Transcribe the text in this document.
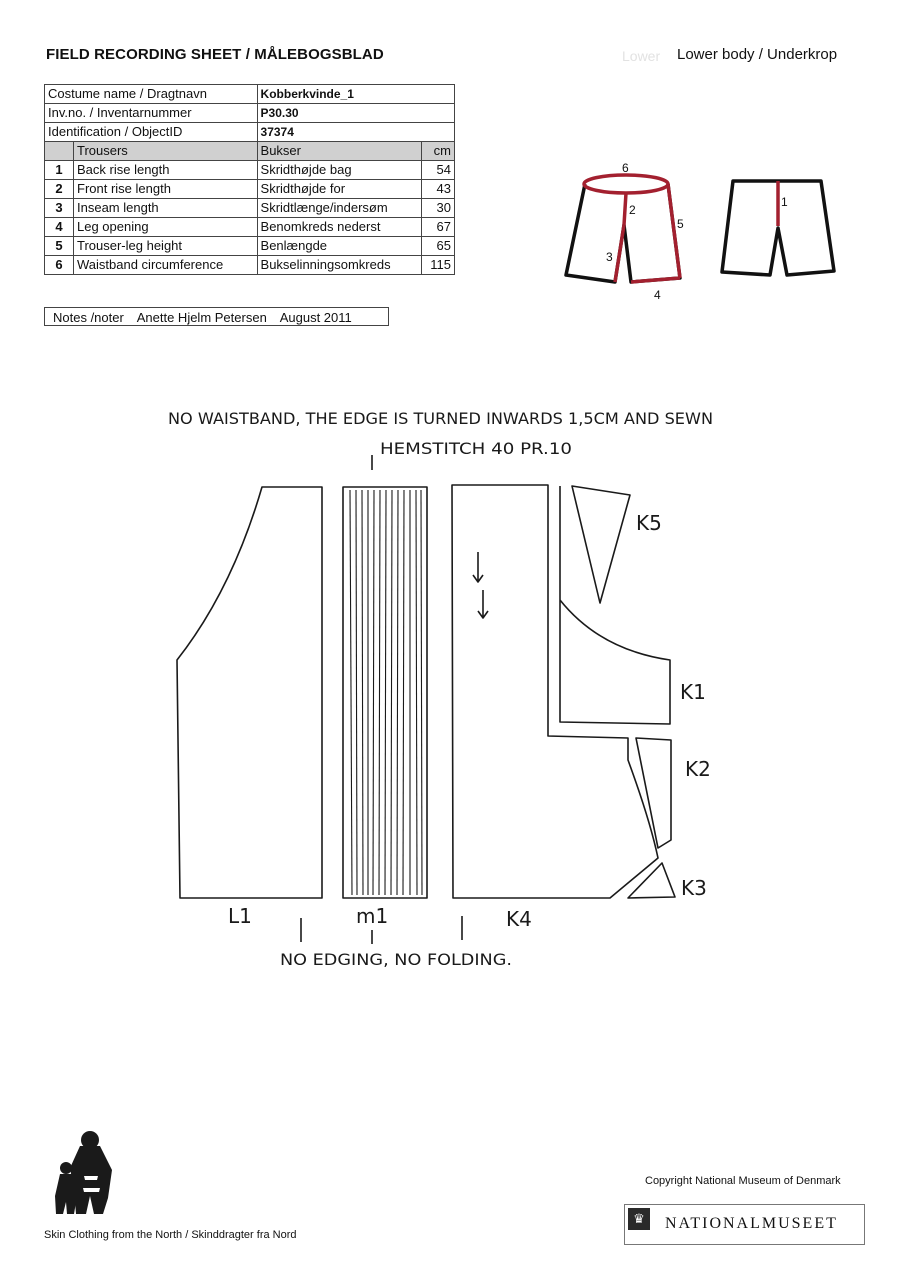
FIELD RECORDING SHEET / MÅLEBOGSBLAD	Lower Lower body / Underkrop
Costume name / Dragtnavn		Kobberkvinde_1	
Inv.no. / Inventarnummer		P30.30	
Identification / ObjectID		37374	
	Trousers	Bukser	cm
1	Back rise length	Skridthøjde bag	54
2	Front rise length	Skridthøjde for	43
3	Inseam length	Skridtlænge/indersøm	30
4	Leg opening	Benomkreds nederst	67
5	Trouser-leg height	Benlængde	65
6	Waistband circumference	Bukselinningsomkreds	115
Notes /noter Anette Hjelm Petersen August 2011
6
2
5
3
4
1
NO WAISTBAND, THE EDGE IS TURNED INWARDS 1,5CM AND SEWN
HEMSTITCH 40 PR.10
NO EDGING, NO FOLDING.
L1	m1	K4
K5
K1
K2
K3
Skin Clothing from the North / Skinddragter fra Nord
Copyright National Museum of Denmark
♛	NATIONALMUSEET
